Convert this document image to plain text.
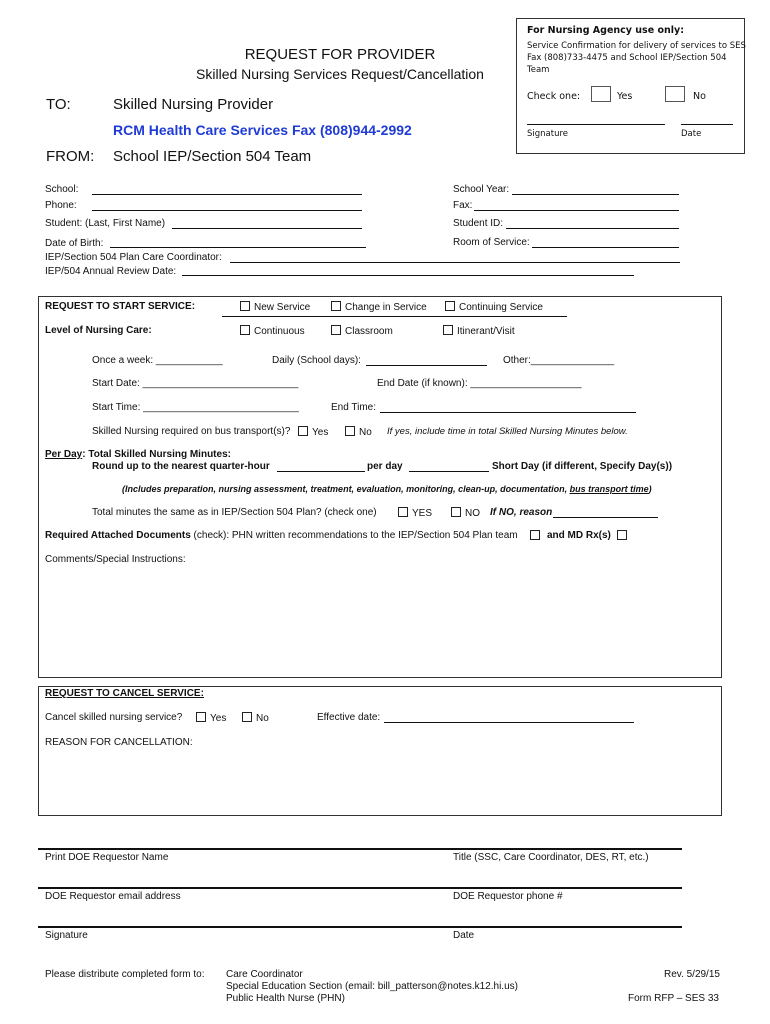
For Nursing Agency use only:
Service Confirmation for delivery of services to SES
Fax (808)733-4475 and School IEP/Section 504
Team
Check one:	Yes	No
Signature	Date
REQUEST FOR PROVIDER
Skilled Nursing Services Request/Cancellation
TO:	Skilled Nursing Provider
RCM Health Care Services Fax (808)944-2992
FROM: School IEP/Section 504 Team
School:
Phone:
Student: (Last, First Name)
Date of Birth:
IEP/Section 504 Plan Care Coordinator:
IEP/504 Annual Review Date:
School Year:
Fax:
Student ID:
Room of Service:
REQUEST TO START SERVICE:	New Service	Change in Service	Continuing Service
Level of Nursing Care:	Continuous	Classroom	Itinerant/Visit
Once a week: ____________	Daily (School days):	Other:_______________
Start Date: ____________________________	End Date (if known): ____________________
Start Time: ____________________________	End Time:
Skilled Nursing required on bus transport(s)?	Yes	No If yes, include time in total Skilled Nursing Minutes below.
Per Day: Total Skilled Nursing Minutes:
Round up to the nearest quarter-hour	per day	Short Day (if different, Specify Day(s))
(Includes preparation, nursing assessment, treatment, evaluation, monitoring, clean-up, documentation, bus transport time)
Total minutes the same as in IEP/Section 504 Plan? (check one)	YES	NO If NO, reason
Required Attached Documents (check): PHN written recommendations to the IEP/Section 504 Plan team	and MD Rx(s)
Comments/Special Instructions:
REQUEST TO CANCEL SERVICE:
Cancel skilled nursing service?	Yes	No	Effective date:
REASON FOR CANCELLATION:
Print DOE Requestor Name	Title (SSC, Care Coordinator, DES, RT, etc.)
DOE Requestor email address	DOE Requestor phone #
Signature	Date
Please distribute completed form to: Care Coordinator
Special Education Section (email: bill_patterson@notes.k12.hi.us)
Public Health Nurse (PHN)
Rev. 5/29/15
Form RFP – SES 33
